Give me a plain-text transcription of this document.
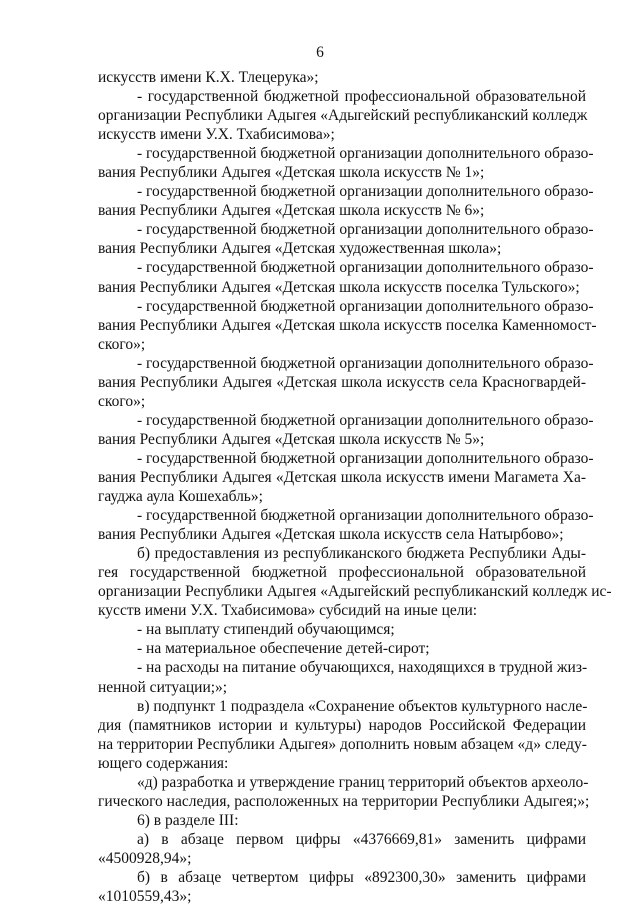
6
искусств имени К.Х. Тлецерука»;
- государственной бюджетной профессиональной образовательной
организации Республики Адыгея «Адыгейский республиканский колледж
искусств имени У.Х. Тхабисимова»;
- государственной бюджетной организации дополнительного образо-
вания Республики Адыгея «Детская школа искусств № 1»;
- государственной бюджетной организации дополнительного образо-
вания Республики Адыгея «Детская школа искусств № 6»;
- государственной бюджетной организации дополнительного образо-
вания Республики Адыгея «Детская художественная школа»;
- государственной бюджетной организации дополнительного образо-
вания Республики Адыгея «Детская школа искусств поселка Тульского»;
- государственной бюджетной организации дополнительного образо-
вания Республики Адыгея «Детская школа искусств поселка Каменномост-
ского»;
- государственной бюджетной организации дополнительного образо-
вания Республики Адыгея «Детская школа искусств села Красногвардей-
ского»;
- государственной бюджетной организации дополнительного образо-
вания Республики Адыгея «Детская школа искусств № 5»;
- государственной бюджетной организации дополнительного образо-
вания Республики Адыгея «Детская школа искусств имени Магамета Ха-
гауджа аула Кошехабль»;
- государственной бюджетной организации дополнительного образо-
вания Республики Адыгея «Детская школа искусств села Натырбово»;
б) предоставления из республиканского бюджета Республики Ады-
гея государственной бюджетной профессиональной образовательной
организации Республики Адыгея «Адыгейский республиканский колледж ис-
кусств имени У.Х. Тхабисимова» субсидий на иные цели:
- на выплату стипендий обучающимся;
- на материальное обеспечение детей-сирот;
- на расходы на питание обучающихся, находящихся в трудной жиз-
ненной ситуации;»;
в) подпункт 1 подраздела «Сохранение объектов культурного насле-
дия (памятников истории и культуры) народов Российской Федерации
на территории Республики Адыгея» дополнить новым абзацем «д» следу-
ющего содержания:
«д) разработка и утверждение границ территорий объектов археоло-
гического наследия, расположенных на территории Республики Адыгея;»;
6) в разделе III:
а) в абзаце первом цифры «4376669,81» заменить цифрами
«4500928,94»;
б) в абзаце четвертом цифры «892300,30» заменить цифрами
«1010559,43»;
